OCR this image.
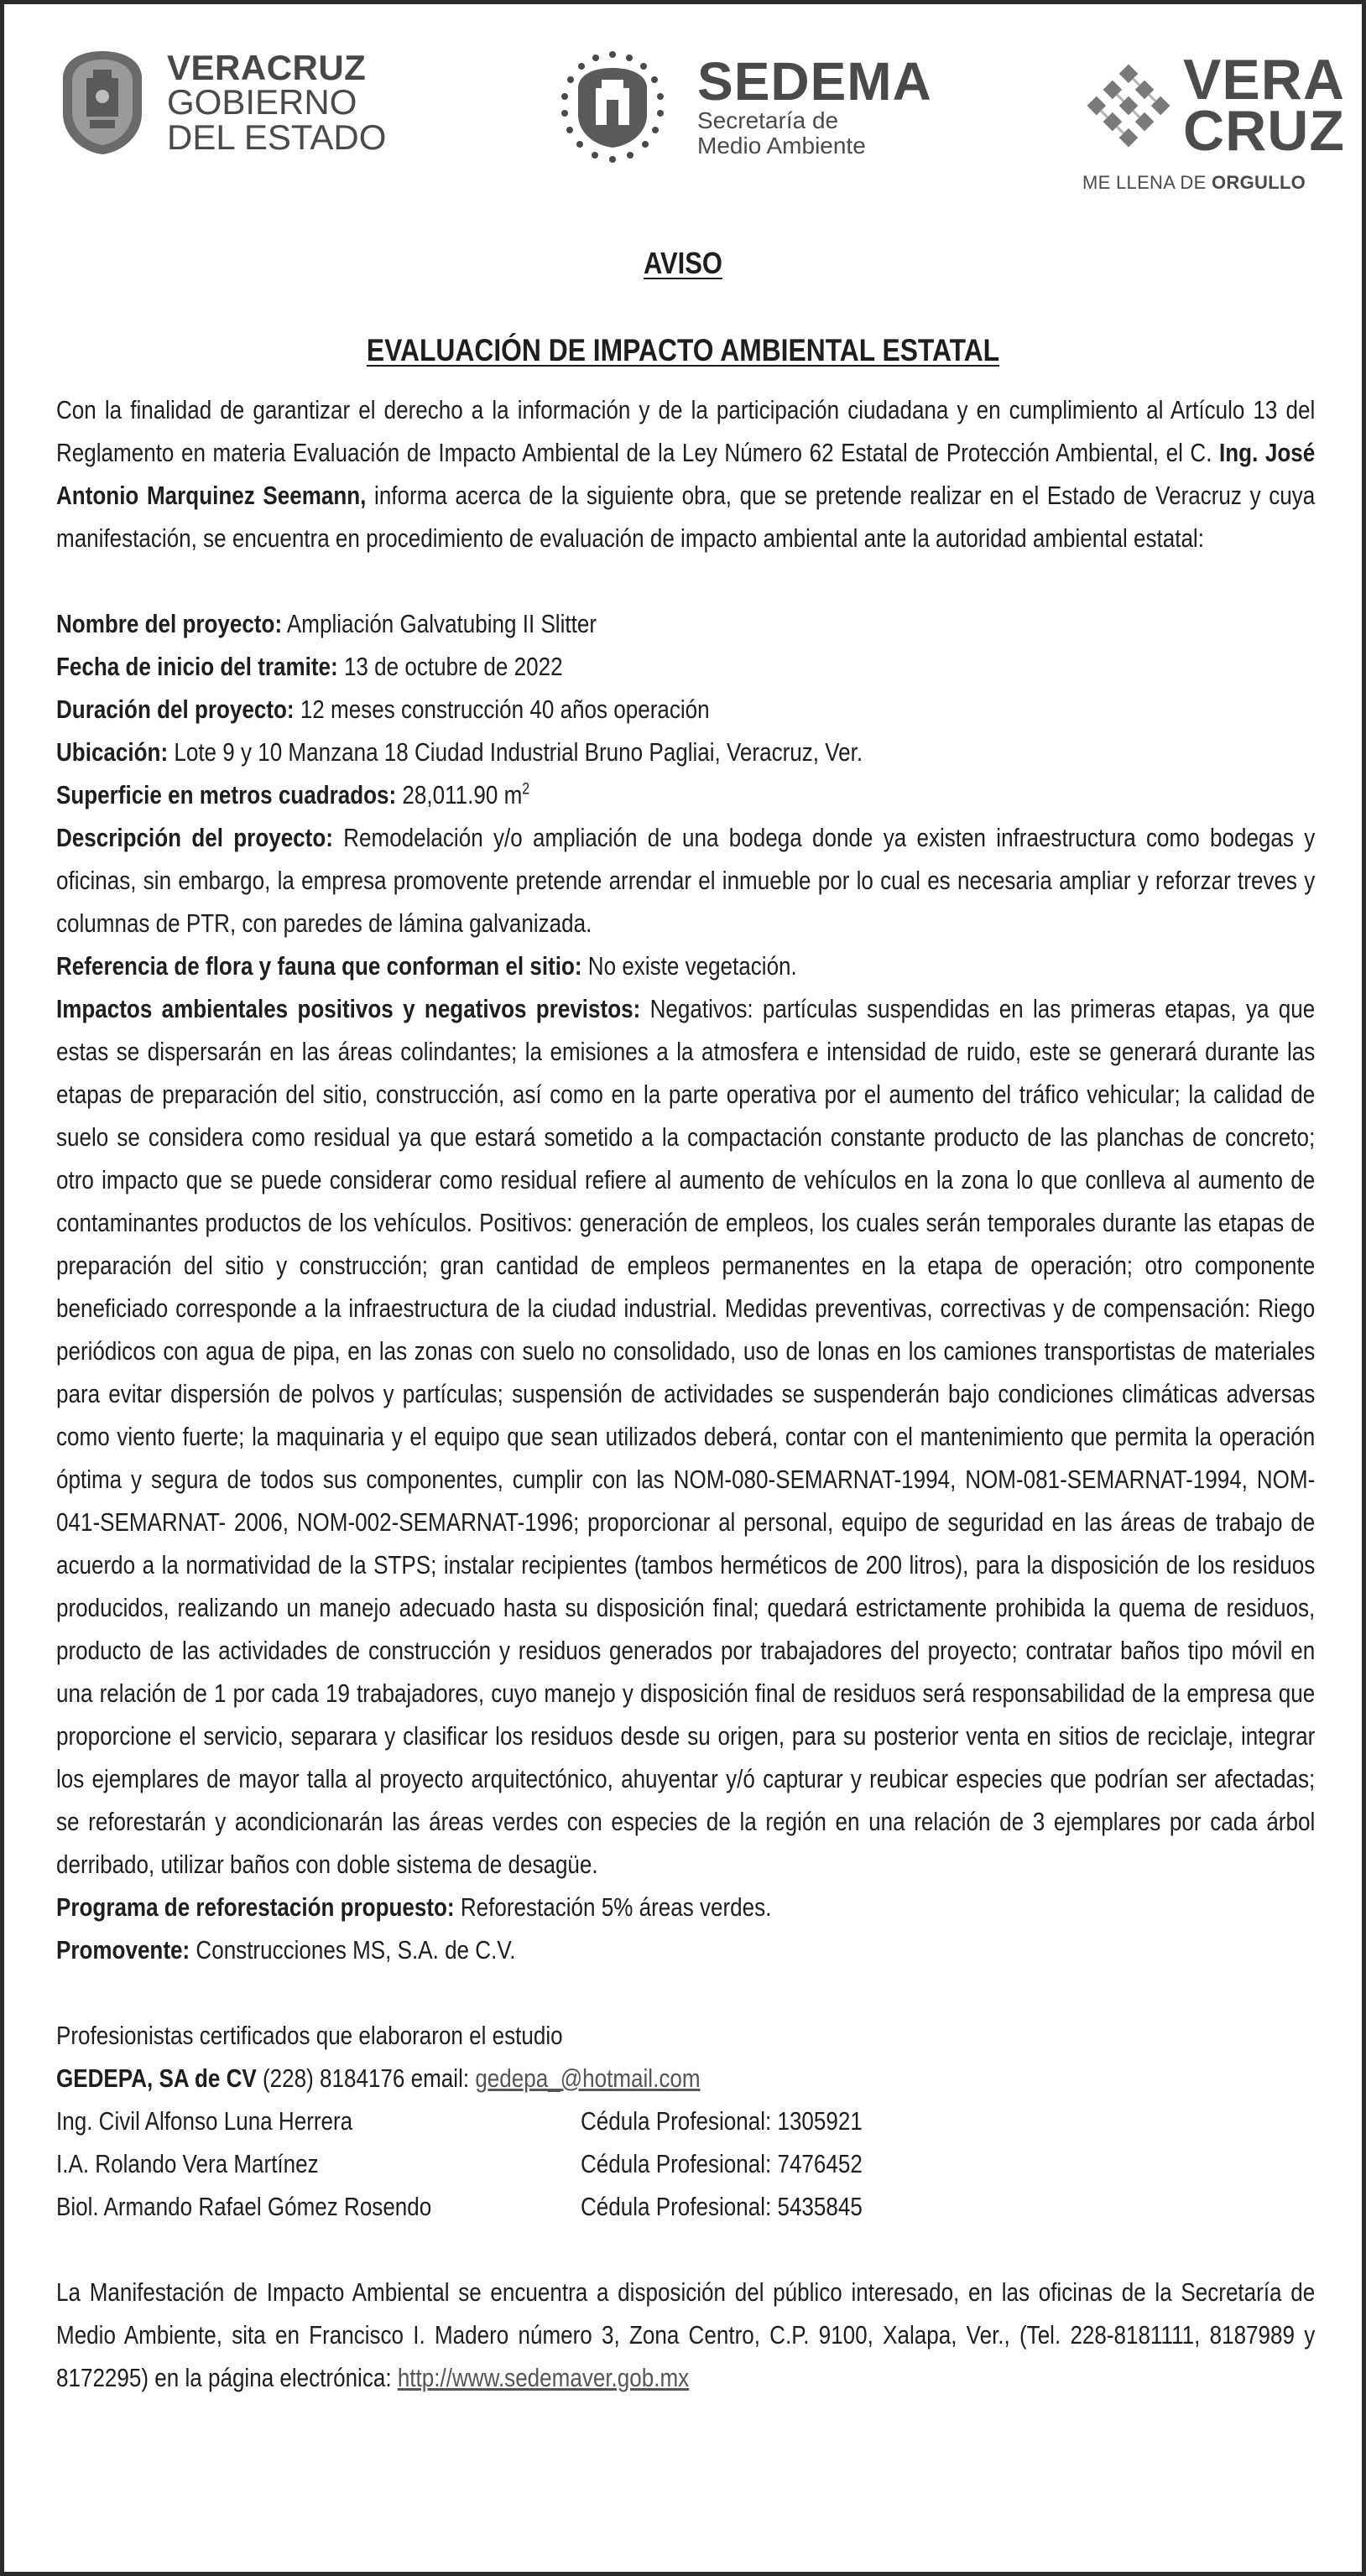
VERACRUZ
GOBIERNO
DEL ESTADO
SEDEMA
Secretaría de
Medio Ambiente
VERA
CRUZ
ME LLENA DE ORGULLO
AVISO
EVALUACIÓN DE IMPACTO AMBIENTAL ESTATAL

Con la finalidad de garantizar el derecho a la información y de la participación ciudadana y en cumplimiento al Artículo 13 del Reglamento en materia Evaluación de Impacto Ambiental de la Ley Número 62 Estatal de Protección Ambiental, el C. Ing. José Antonio Marquinez Seemann, informa acerca de la siguiente obra, que se pretende realizar en el Estado de Veracruz y cuya manifestación, se encuentra en procedimiento de evaluación de impacto ambiental ante la autoridad ambiental estatal:

Nombre del proyecto: Ampliación Galvatubing II Slitter

Fecha de inicio del tramite: 13 de octubre de 2022

Duración del proyecto: 12 meses construcción 40 años operación

Ubicación: Lote 9 y 10 Manzana 18 Ciudad Industrial Bruno Pagliai, Veracruz, Ver.

Superficie en metros cuadrados: 28,011.90 $m^2$

Descripción del proyecto: Remodelación y/o ampliación de una bodega donde ya existen infraestructura como bodegas y oficinas, sin embargo, la empresa promovente pretende arrendar el inmueble por lo cual es necesaria ampliar y reforzar treves y columnas de PTR, con paredes de lámina galvanizada.

Referencia de flora y fauna que conforman el sitio: No existe vegetación.

Impactos ambientales positivos y negativos previstos: Negativos: partículas suspendidas en las primeras etapas, ya que estas se dispersarán en las áreas colindantes; la emisiones a la atmosfera e intensidad de ruido, este se generará durante las etapas de preparación del sitio, construcción, así como en la parte operativa por el aumento del tráfico vehicular; la calidad de suelo se considera como residual ya que estará sometido a la compactación constante producto de las planchas de concreto; otro impacto que se puede considerar como residual refiere al aumento de vehículos en la zona lo que conlleva al aumento de contaminantes productos de los vehículos. Positivos: generación de empleos, los cuales serán temporales durante las etapas de preparación del sitio y construcción; gran cantidad de empleos permanentes en la etapa de operación; otro componente beneficiado corresponde a la infraestructura de la ciudad industrial. Medidas preventivas, correctivas y de compensación: Riego periódicos con agua de pipa, en las zonas con suelo no consolidado, uso de lonas en los camiones transportistas de materiales para evitar dispersión de polvos y partículas; suspensión de actividades se suspenderán bajo condiciones climáticas adversas como viento fuerte; la maquinaria y el equipo que sean utilizados deberá, contar con el mantenimiento que permita la operación óptima y segura de todos sus componentes, cumplir con las NOM-080-SEMARNAT-1994, NOM-081-SEMARNAT-1994, NOM-041-SEMARNAT- 2006, NOM-002-SEMARNAT-1996; proporcionar al personal, equipo de seguridad en las áreas de trabajo de acuerdo a la normatividad de la STPS; instalar recipientes (tambos herméticos de 200 litros), para la disposición de los residuos producidos, realizando un manejo adecuado hasta su disposición final; quedará estrictamente prohibida la quema de residuos, producto de las actividades de construcción y residuos generados por trabajadores del proyecto; contratar baños tipo móvil en una relación de 1 por cada 19 trabajadores, cuyo manejo y disposición final de residuos será responsabilidad de la empresa que proporcione el servicio, separara y clasificar los residuos desde su origen, para su posterior venta en sitios de reciclaje, integrar los ejemplares de mayor talla al proyecto arquitectónico, ahuyentar y/ó capturar y reubicar especies que podrían ser afectadas; se reforestarán y acondicionarán las áreas verdes con especies de la región en una relación de 3 ejemplares por cada árbol derribado, utilizar baños con doble sistema de desagüe.

Programa de reforestación propuesto: Reforestación 5% áreas verdes.

Promovente: Construcciones MS, S.A. de C.V.

Profesionistas certificados que elaboraron el estudio
GEDEPA, SA de CV (228) 8184176 email: gedepa_@hotmail.com
Ing. Civil Alfonso Luna Herrera	Cédula Profesional: 1305921
I.A. Rolando Vera Martínez	Cédula Profesional: 7476452
Biol. Armando Rafael Gómez Rosendo	Cédula Profesional: 5435845

La Manifestación de Impacto Ambiental se encuentra a disposición del público interesado, en las oficinas de la Secretaría de Medio Ambiente, sita en Francisco I. Madero número 3, Zona Centro, C.P. 9100, Xalapa, Ver., (Tel. 228-8181111, 8187989 y 8172295) en la página electrónica: http://www.sedemaver.gob.mx
